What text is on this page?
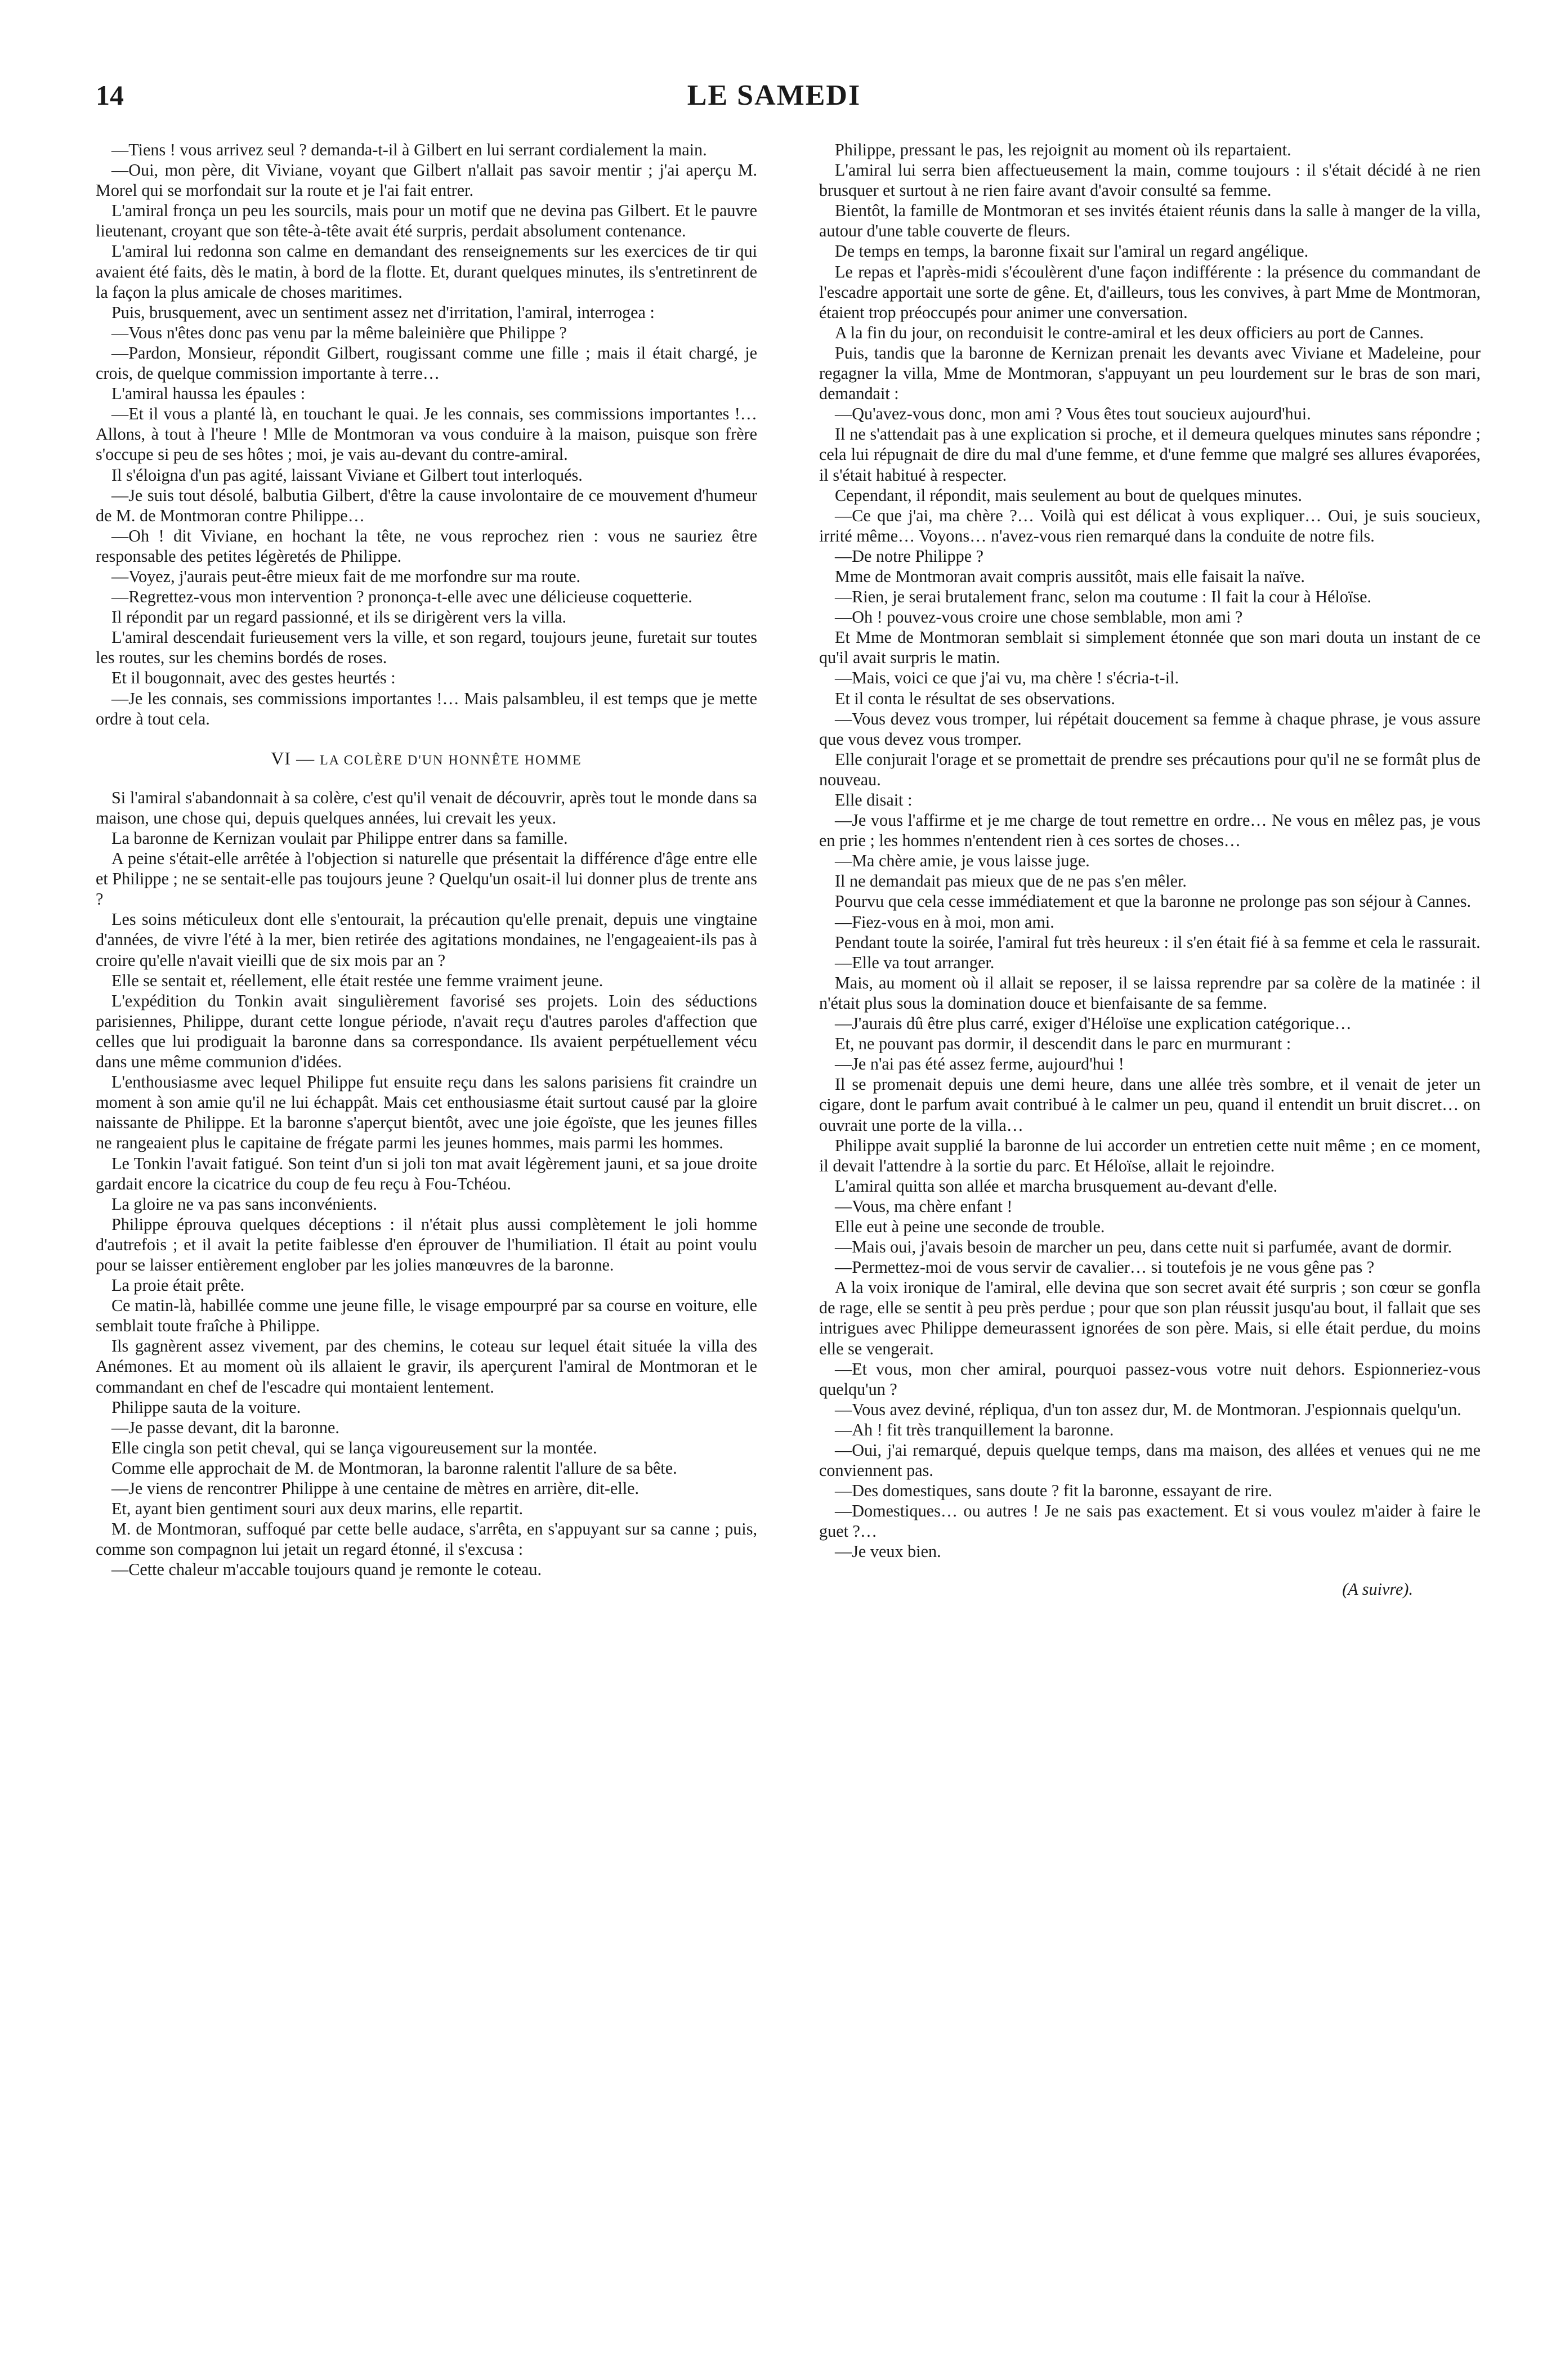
14	LE SAMEDI

—Tiens ! vous arrivez seul ? demanda-t-il à Gilbert en lui serrant cordialement la main.

—Oui, mon père, dit Viviane, voyant que Gilbert n'allait pas savoir mentir ; j'ai aperçu M. Morel qui se morfondait sur la route et je l'ai fait entrer.

L'amiral fronça un peu les sourcils, mais pour un motif que ne devina pas Gilbert. Et le pauvre lieutenant, croyant que son tête-à-tête avait été surpris, perdait absolument contenance.

L'amiral lui redonna son calme en demandant des renseignements sur les exercices de tir qui avaient été faits, dès le matin, à bord de la flotte. Et, durant quelques minutes, ils s'entretinrent de la façon la plus amicale de choses maritimes.

Puis, brusquement, avec un sentiment assez net d'irritation, l'amiral, interrogea :

—Vous n'êtes donc pas venu par la même baleinière que Philippe ?

—Pardon, Monsieur, répondit Gilbert, rougissant comme une fille ; mais il était chargé, je crois, de quelque commission importante à terre…

L'amiral haussa les épaules :

—Et il vous a planté là, en touchant le quai. Je les connais, ses commissions importantes !… Allons, à tout à l'heure ! Mlle de Montmoran va vous conduire à la maison, puisque son frère s'occupe si peu de ses hôtes ; moi, je vais au-devant du contre-amiral.

Il s'éloigna d'un pas agité, laissant Viviane et Gilbert tout interloqués.

—Je suis tout désolé, balbutia Gilbert, d'être la cause involontaire de ce mouvement d'humeur de M. de Montmoran contre Philippe…

—Oh ! dit Viviane, en hochant la tête, ne vous reprochez rien : vous ne sauriez être responsable des petites légèretés de Philippe.

—Voyez, j'aurais peut-être mieux fait de me morfondre sur ma route.

—Regrettez-vous mon intervention ? prononça-t-elle avec une délicieuse coquetterie.

Il répondit par un regard passionné, et ils se dirigèrent vers la villa.

L'amiral descendait furieusement vers la ville, et son regard, toujours jeune, furetait sur toutes les routes, sur les chemins bordés de roses.

Et il bougonnait, avec des gestes heurtés :

—Je les connais, ses commissions importantes !… Mais palsambleu, il est temps que je mette ordre à tout cela.

VI — LA COLÈRE D'UN HONNÊTE HOMME

Si l'amiral s'abandonnait à sa colère, c'est qu'il venait de découvrir, après tout le monde dans sa maison, une chose qui, depuis quelques années, lui crevait les yeux.

La baronne de Kernizan voulait par Philippe entrer dans sa famille.

A peine s'était-elle arrêtée à l'objection si naturelle que présentait la différence d'âge entre elle et Philippe ; ne se sentait-elle pas toujours jeune ? Quelqu'un osait-il lui donner plus de trente ans ?

Les soins méticuleux dont elle s'entourait, la précaution qu'elle prenait, depuis une vingtaine d'années, de vivre l'été à la mer, bien retirée des agitations mondaines, ne l'engageaient-ils pas à croire qu'elle n'avait vieilli que de six mois par an ?

Elle se sentait et, réellement, elle était restée une femme vraiment jeune.

L'expédition du Tonkin avait singulièrement favorisé ses projets. Loin des séductions parisiennes, Philippe, durant cette longue période, n'avait reçu d'autres paroles d'affection que celles que lui prodiguait la baronne dans sa correspondance. Ils avaient perpétuellement vécu dans une même communion d'idées.

L'enthousiasme avec lequel Philippe fut ensuite reçu dans les salons parisiens fit craindre un moment à son amie qu'il ne lui échappât. Mais cet enthousiasme était surtout causé par la gloire naissante de Philippe. Et la baronne s'aperçut bientôt, avec une joie égoïste, que les jeunes filles ne rangeaient plus le capitaine de frégate parmi les jeunes hommes, mais parmi les hommes.

Le Tonkin l'avait fatigué. Son teint d'un si joli ton mat avait légèrement jauni, et sa joue droite gardait encore la cicatrice du coup de feu reçu à Fou-Tchéou.

La gloire ne va pas sans inconvénients.

Philippe éprouva quelques déceptions : il n'était plus aussi complètement le joli homme d'autrefois ; et il avait la petite faiblesse d'en éprouver de l'humiliation. Il était au point voulu pour se laisser entièrement englober par les jolies manœuvres de la baronne.

La proie était prête.

Ce matin-là, habillée comme une jeune fille, le visage empourpré par sa course en voiture, elle semblait toute fraîche à Philippe.

Ils gagnèrent assez vivement, par des chemins, le coteau sur lequel était située la villa des Anémones. Et au moment où ils allaient le gravir, ils aperçurent l'amiral de Montmoran et le commandant en chef de l'escadre qui montaient lentement.

Philippe sauta de la voiture.

—Je passe devant, dit la baronne.

Elle cingla son petit cheval, qui se lança vigoureusement sur la montée.

Comme elle approchait de M. de Montmoran, la baronne ralentit l'allure de sa bête.

—Je viens de rencontrer Philippe à une centaine de mètres en arrière, dit-elle.

Et, ayant bien gentiment souri aux deux marins, elle repartit.

M. de Montmoran, suffoqué par cette belle audace, s'arrêta, en s'appuyant sur sa canne ; puis, comme son compagnon lui jetait un regard étonné, il s'excusa :

—Cette chaleur m'accable toujours quand je remonte le coteau.

Philippe, pressant le pas, les rejoignit au moment où ils repartaient.

L'amiral lui serra bien affectueusement la main, comme toujours : il s'était décidé à ne rien brusquer et surtout à ne rien faire avant d'avoir consulté sa femme.

Bientôt, la famille de Montmoran et ses invités étaient réunis dans la salle à manger de la villa, autour d'une table couverte de fleurs.

De temps en temps, la baronne fixait sur l'amiral un regard angélique.

Le repas et l'après-midi s'écoulèrent d'une façon indifférente : la présence du commandant de l'escadre apportait une sorte de gêne. Et, d'ailleurs, tous les convives, à part Mme de Montmoran, étaient trop préoccupés pour animer une conversation.

A la fin du jour, on reconduisit le contre-amiral et les deux officiers au port de Cannes.

Puis, tandis que la baronne de Kernizan prenait les devants avec Viviane et Madeleine, pour regagner la villa, Mme de Montmoran, s'appuyant un peu lourdement sur le bras de son mari, demandait :

—Qu'avez-vous donc, mon ami ? Vous êtes tout soucieux aujourd'hui.

Il ne s'attendait pas à une explication si proche, et il demeura quelques minutes sans répondre ; cela lui répugnait de dire du mal d'une femme, et d'une femme que malgré ses allures évaporées, il s'était habitué à respecter.

Cependant, il répondit, mais seulement au bout de quelques minutes.

—Ce que j'ai, ma chère ?… Voilà qui est délicat à vous expliquer… Oui, je suis soucieux, irrité même… Voyons… n'avez-vous rien remarqué dans la conduite de notre fils.

—De notre Philippe ?

Mme de Montmoran avait compris aussitôt, mais elle faisait la naïve.

—Rien, je serai brutalement franc, selon ma coutume : Il fait la cour à Héloïse.

—Oh ! pouvez-vous croire une chose semblable, mon ami ?

Et Mme de Montmoran semblait si simplement étonnée que son mari douta un instant de ce qu'il avait surpris le matin.

—Mais, voici ce que j'ai vu, ma chère ! s'écria-t-il.

Et il conta le résultat de ses observations.

—Vous devez vous tromper, lui répétait doucement sa femme à chaque phrase, je vous assure que vous devez vous tromper.

Elle conjurait l'orage et se promettait de prendre ses précautions pour qu'il ne se formât plus de nouveau.

Elle disait :

—Je vous l'affirme et je me charge de tout remettre en ordre… Ne vous en mêlez pas, je vous en prie ; les hommes n'entendent rien à ces sortes de choses…

—Ma chère amie, je vous laisse juge.

Il ne demandait pas mieux que de ne pas s'en mêler.

Pourvu que cela cesse immédiatement et que la baronne ne prolonge pas son séjour à Cannes.

—Fiez-vous en à moi, mon ami.

Pendant toute la soirée, l'amiral fut très heureux : il s'en était fié à sa femme et cela le rassurait.

—Elle va tout arranger.

Mais, au moment où il allait se reposer, il se laissa reprendre par sa colère de la matinée : il n'était plus sous la domination douce et bienfaisante de sa femme.

—J'aurais dû être plus carré, exiger d'Héloïse une explication catégorique…

Et, ne pouvant pas dormir, il descendit dans le parc en murmurant :

—Je n'ai pas été assez ferme, aujourd'hui !

Il se promenait depuis une demi heure, dans une allée très sombre, et il venait de jeter un cigare, dont le parfum avait contribué à le calmer un peu, quand il entendit un bruit discret… on ouvrait une porte de la villa…

Philippe avait supplié la baronne de lui accorder un entretien cette nuit même ; en ce moment, il devait l'attendre à la sortie du parc. Et Héloïse, allait le rejoindre.

L'amiral quitta son allée et marcha brusquement au-devant d'elle.

—Vous, ma chère enfant !

Elle eut à peine une seconde de trouble.

—Mais oui, j'avais besoin de marcher un peu, dans cette nuit si parfumée, avant de dormir.

—Permettez-moi de vous servir de cavalier… si toutefois je ne vous gêne pas ?

A la voix ironique de l'amiral, elle devina que son secret avait été surpris ; son cœur se gonfla de rage, elle se sentit à peu près perdue ; pour que son plan réussit jusqu'au bout, il fallait que ses intrigues avec Philippe demeurassent ignorées de son père. Mais, si elle était perdue, du moins elle se vengerait.

—Et vous, mon cher amiral, pourquoi passez-vous votre nuit dehors. Espionneriez-vous quelqu'un ?

—Vous avez deviné, répliqua, d'un ton assez dur, M. de Montmoran. J'espionnais quelqu'un.

—Ah ! fit très tranquillement la baronne.

—Oui, j'ai remarqué, depuis quelque temps, dans ma maison, des allées et venues qui ne me conviennent pas.

—Des domestiques, sans doute ? fit la baronne, essayant de rire.

—Domestiques… ou autres ! Je ne sais pas exactement. Et si vous voulez m'aider à faire le guet ?…

—Je veux bien.

(A suivre).
